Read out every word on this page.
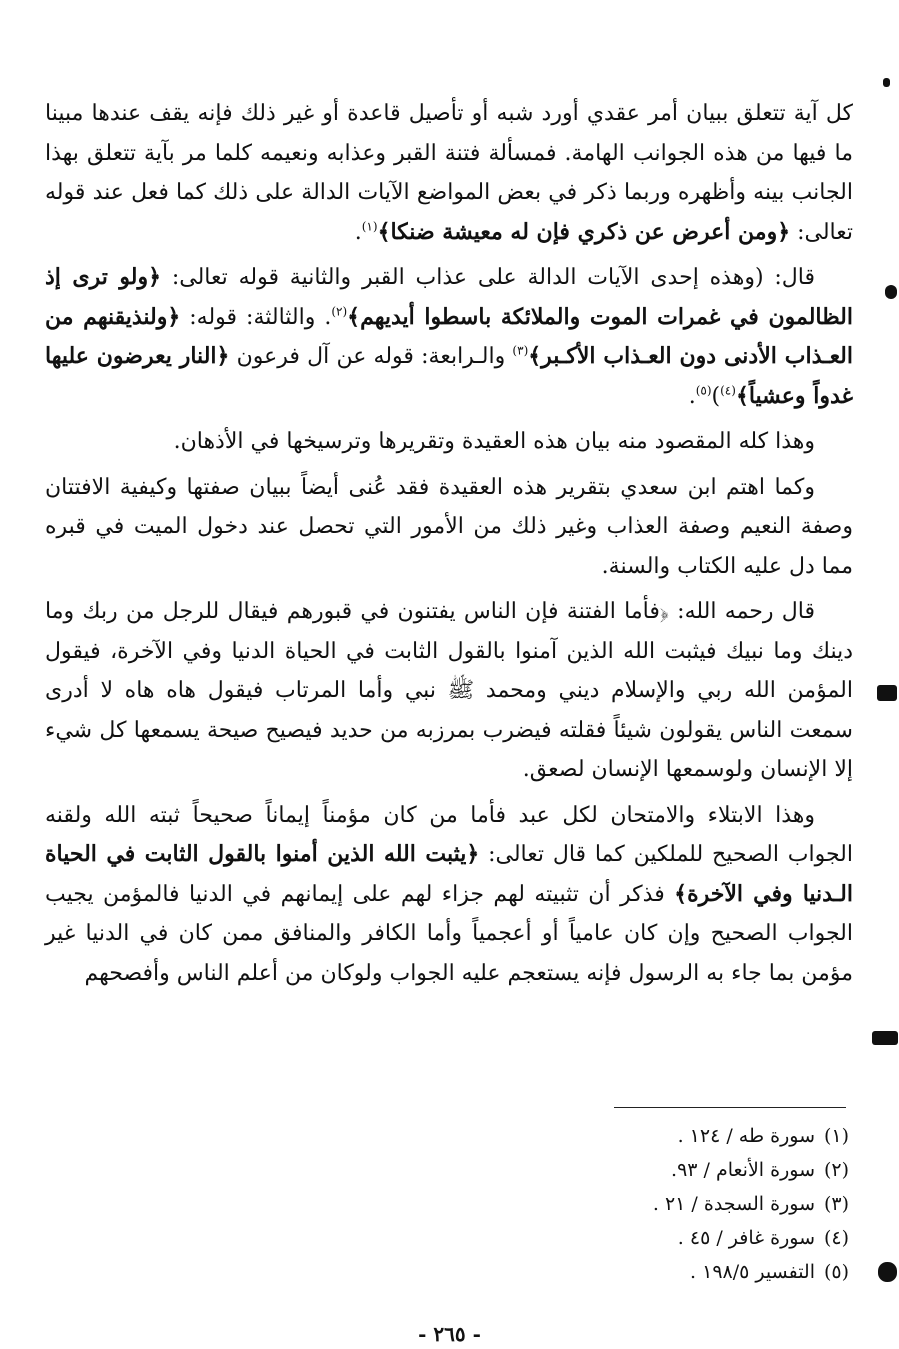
كل آية تتعلق ببيان أمر عقدي أورد شبه أو تأصيل قاعدة أو غير ذلك فإنه يقف عندها مبينا ما فيها من هذه الجوانب الهامة. فمسألة فتنة القبر وعذابه ونعيمه كلما مر بآية تتعلق بهذا الجانب بينه وأظهره وربما ذكر في بعض المواضع الآيات الدالة على ذلك كما فعل عند قوله تعالى: ﴿ومن أعرض عن ذكري فإن له معيشة ضنكا﴾$^{(١)}$.

قال: (وهذه إحدى الآيات الدالة على عذاب القبر والثانية قوله تعالى: ﴿ولو ترى إذ الظالمون في غمرات الموت والملائكة باسطوا أيديهم﴾$^{(٢)}$. والثالثة: قوله: ﴿ولنذيقنهم من العـذاب الأدنى دون العـذاب الأكـبر﴾$^{(٣)}$ والـرابعة: قوله عن آل فرعون ﴿النار يعرضون عليها غدواً وعشياً﴾$^{(٤)}$)$^{(٥)}$.

وهذا كله المقصود منه بيان هذه العقيدة وتقريرها وترسيخها في الأذهان.

وكما اهتم ابن سعدي بتقرير هذه العقيدة فقد عُنى أيضاً ببيان صفتها وكيفية الافتتان وصفة النعيم وصفة العذاب وغير ذلك من الأمور التي تحصل عند دخول الميت في قبره مما دل عليه الكتاب والسنة.

قال رحمه الله: ﴿فأما الفتنة فإن الناس يفتنون في قبورهم فيقال للرجل من ربك وما دينك وما نبيك فيثبت الله الذين آمنوا بالقول الثابت في الحياة الدنيا وفي الآخرة، فيقول المؤمن الله ربي والإسلام ديني ومحمد ﷺ نبي وأما المرتاب فيقول هاه هاه لا أدرى سمعت الناس يقولون شيئاً فقلته فيضرب بمرزبه من حديد فيصيح صيحة يسمعها كل شيء إلا الإنسان ولوسمعها الإنسان لصعق.

وهذا الابتلاء والامتحان لكل عبد فأما من كان مؤمناً إيماناً صحيحاً ثبته الله ولقنه الجواب الصحيح للملكين كما قال تعالى: ﴿يثبت الله الذين أمنوا بالقول الثابت في الحياة الـدنيا وفي الآخرة﴾ فذكر أن تثبيته لهم جزاء لهم على إيمانهم في الدنيا فالمؤمن يجيب الجواب الصحيح وإن كان عامياً أو أعجمياً وأما الكافر والمنافق ممن كان في الدنيا غير مؤمن بما جاء به الرسول فإنه يستعجم عليه الجواب ولوكان من أعلم الناس وأفصحهم

(١)سورة طه / ١٢٤ .
(٢)سورة الأنعام / ٩٣.
(٣)سورة السجدة / ٢١ .
(٤)سورة غافر / ٤٥ .
(٥)التفسير ١٩٨/٥ .
- ٢٦٥ -
